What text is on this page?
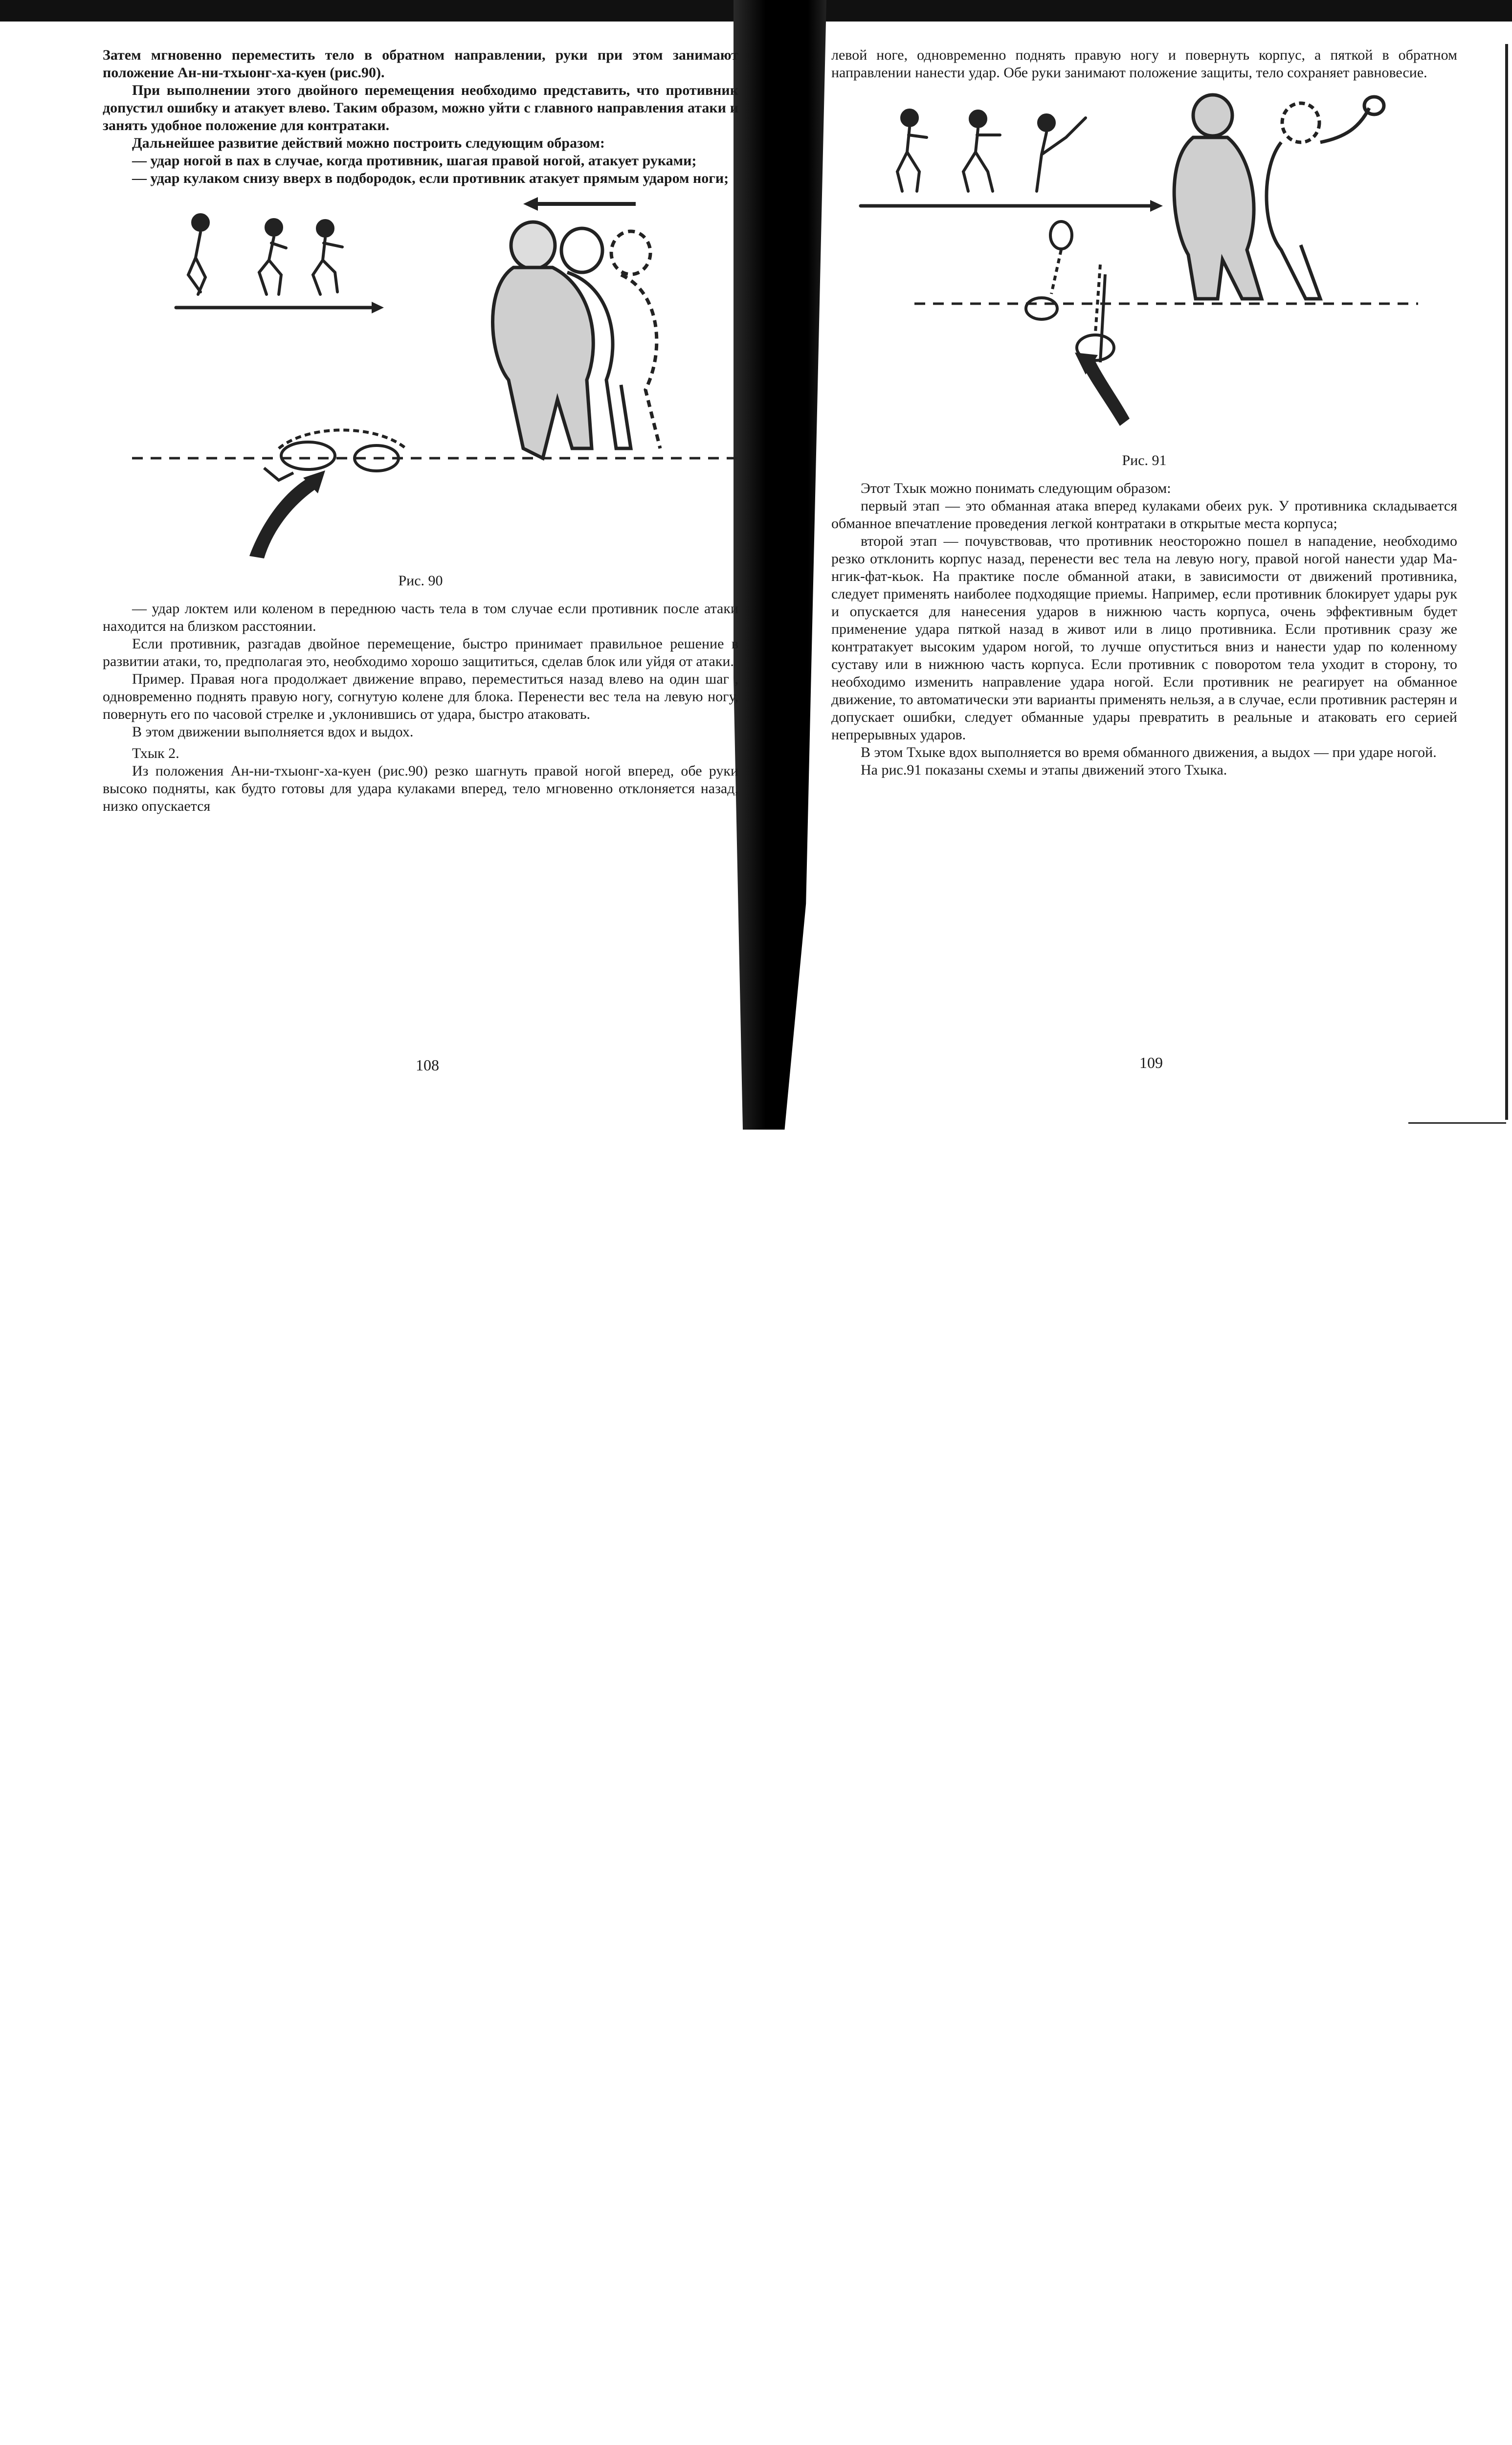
Затем мгновенно переместить тело в обратном направлении, руки при этом занимают положение Ан-ни-тхыонг-ха-куен (рис.90).

При выполнении этого двойного перемещения необходимо представить, что противник допустил ошибку и атакует влево. Таким образом, можно уйти с главного направления атаки и занять удобное положение для контратаки.

Дальнейшее развитие действий можно построить следующим образом:

— удар ногой в пах в случае, когда противник, шагая правой ногой, атакует руками;

— удар кулаком снизу вверх в подбородок, если противник атакует прямым ударом ноги;

Рис. 90

— удар локтем или коленом в переднюю часть тела в том случае если противник после атаки находится на близком расстоянии.

Если противник, разгадав двойное перемещение, быстро принимает правильное решение в развитии атаки, то, предполагая это, необходимо хорошо защититься, сделав блок или уйдя от атаки.

Пример. Правая нога продолжает движение вправо, переместиться назад влево на один шаг , одновременно поднять правую ногу, согнутую колене для блока. Перенести вес тела на левую ногу, повернуть его по часовой стрелке и ,уклонившись от удара, быстро атаковать.

В этом движении выполняется вдох и выдох.

Тхык 2.

Из положения Ан-ни-тхыонг-ха-куен (рис.90) резко шагнуть правой ногой вперед, обе руки высоко подняты, как будто готовы для удара кулаками вперед, тело мгновенно отклоняется назад, низко опускается

108

левой ноге, одновременно поднять правую ногу и повернуть корпус, а пяткой в обратном направлении нанести удар. Обе руки занимают положение защиты, тело сохраняет равновесие.

Рис. 91

Этот Тхык можно понимать следующим образом:

первый этап — это обманная атака вперед кулаками обеих рук. У противника складывается обманное впечатление проведения легкой контратаки в открытые места корпуса;

второй этап — почувствовав, что противник неосторожно пошел в нападение, необходимо резко отклонить корпус назад, перенести вес тела на левую ногу, правой ногой нанести удар Ма-нгик-фат-кьок. На практике после обманной атаки, в зависимости от движений противника, следует применять наиболее подходящие приемы. Например, если противник блокирует удары рук и опускается для нанесения ударов в нижнюю часть корпуса, очень эффективным будет применение удара пяткой назад в живот или в лицо противника. Если противник сразу же контратакует высоким ударом ногой, то лучше опуститься вниз и нанести удар по коленному суставу или в нижнюю часть корпуса. Если противник с поворотом тела уходит в сторону, то необходимо изменить направление удара ногой. Если противник не реагирует на обманное движение, то автоматически эти варианты применять нельзя, а в случае, если противник растерян и допускает ошибки, следует обманные удары превратить в реальные и атаковать его серией непрерывных ударов.

В этом Тхыке вдох выполняется во время обманного движения, а выдох — при ударе ногой.

На рис.91 показаны схемы и этапы движений этого Тхыка.

109
